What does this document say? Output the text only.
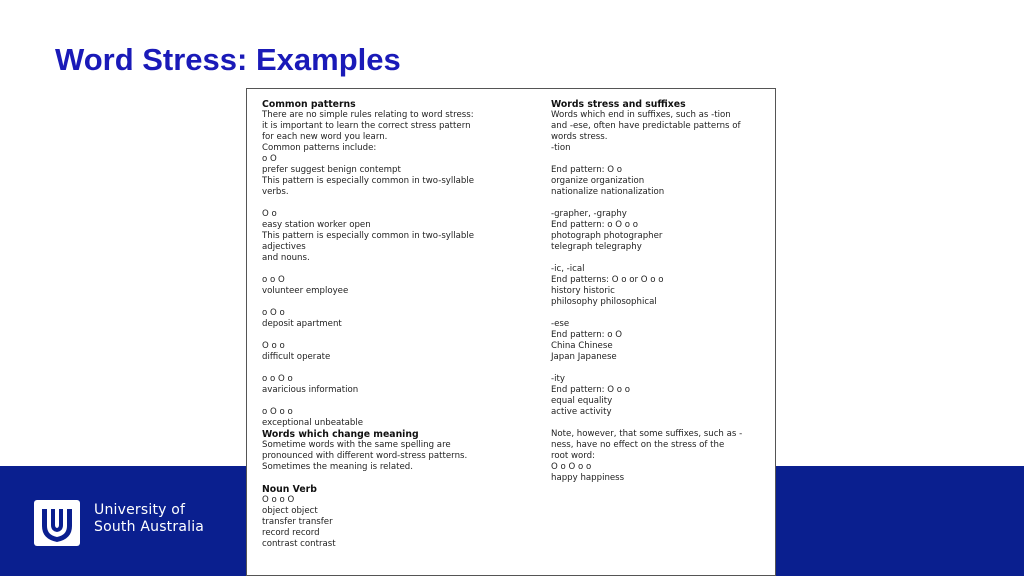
Word Stress: Examples
University of
South Australia
Common patterns
There are no simple rules relating to word stress:
it is important to learn the correct stress pattern
for each new word you learn.
Common patterns include:
o O
prefer suggest benign contempt
This pattern is especially common in two-syllable
verbs.
O o
easy station worker open
This pattern is especially common in two-syllable
adjectives
and nouns.
o o O
volunteer employee
o O o
deposit apartment
O o o
difficult operate
o o O o
avaricious information
o O o o
exceptional unbeatable
Words which change meaning
Sometime words with the same spelling are
pronounced with different word-stress patterns.
Sometimes the meaning is related.
Noun Verb
O o o O
object object
transfer transfer
record record
contrast contrast
Words stress and suffixes
Words which end in suffixes, such as -tion
and -ese, often have predictable patterns of
words stress.
-tion
End pattern: O o
organize organization
nationalize nationalization
-grapher, -graphy
End pattern: o O o o
photograph photographer
telegraph telegraphy
-ic, -ical
End patterns: O o or O o o
history historic
philosophy philosophical
-ese
End pattern: o O
China Chinese
Japan Japanese
-ity
End pattern: O o o
equal equality
active activity
Note, however, that some suffixes, such as -
ness, have no effect on the stress of the
root word:
O o O o o
happy happiness
